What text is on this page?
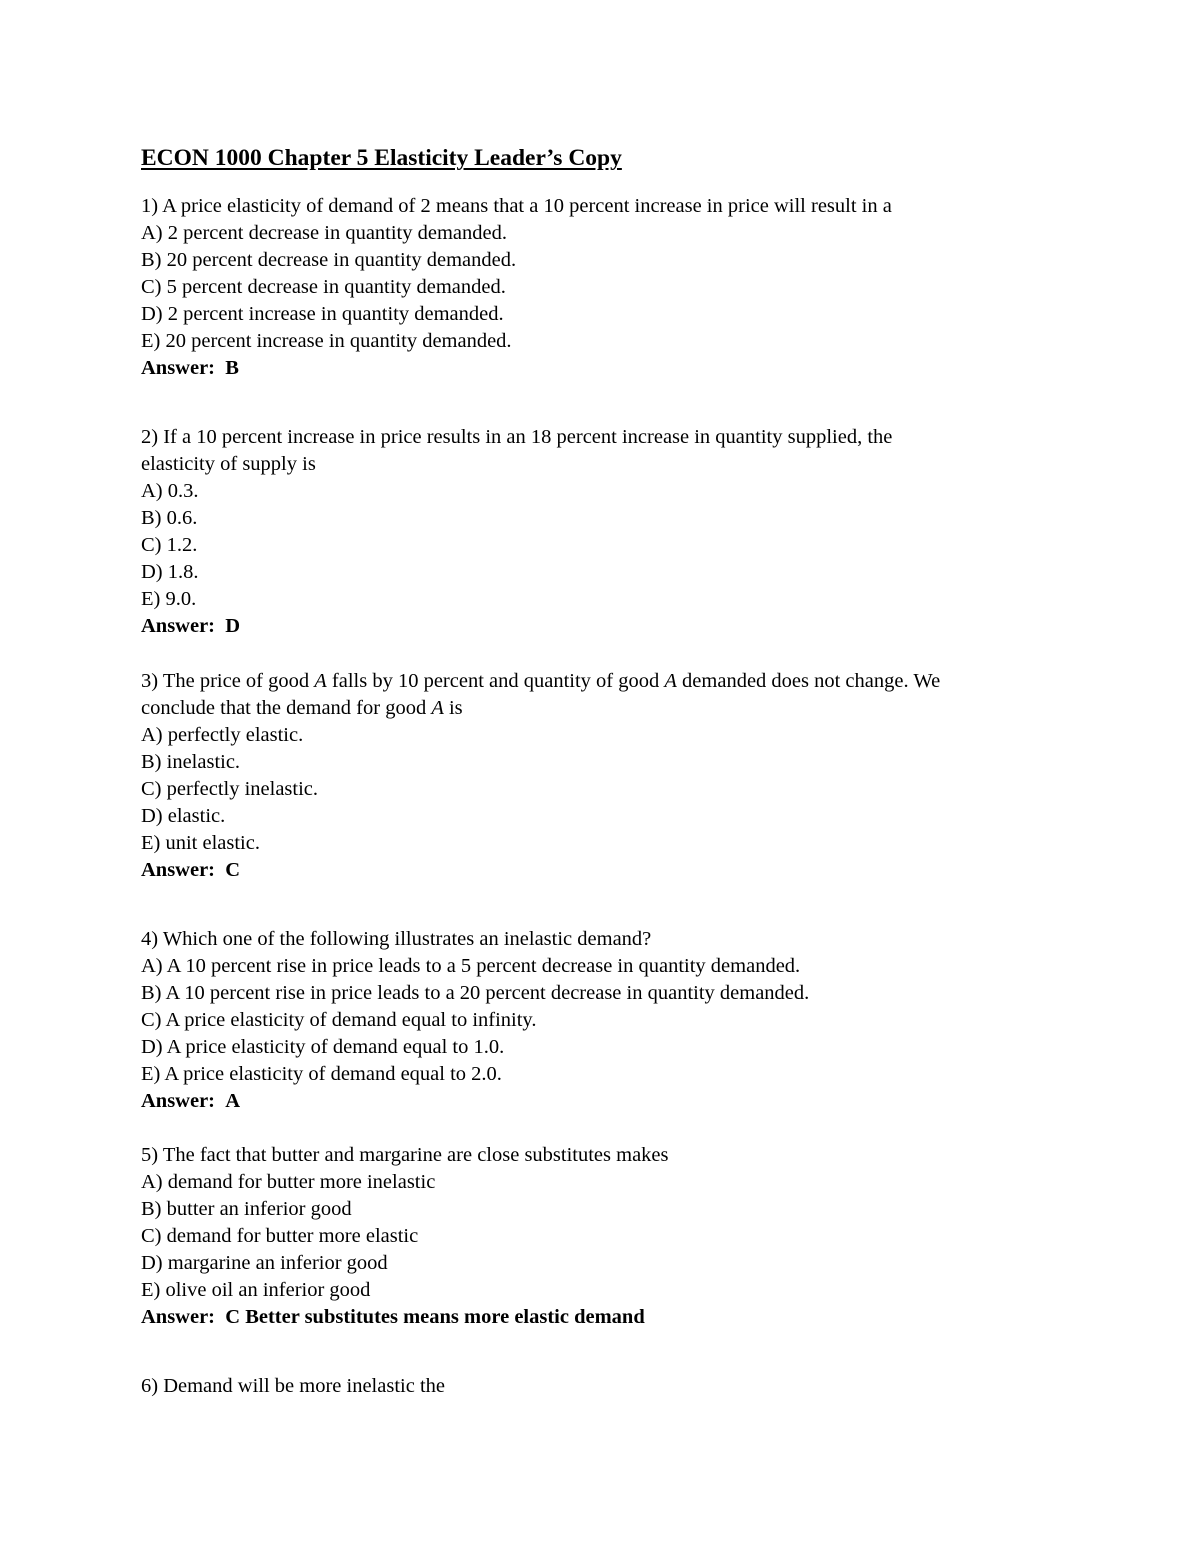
ECON 1000 Chapter 5 Elasticity Leader’s Copy
1) A price elasticity of demand of 2 means that a 10 percent increase in price will result in a
A) 2 percent decrease in quantity demanded.
B) 20 percent decrease in quantity demanded.
C) 5 percent decrease in quantity demanded.
D) 2 percent increase in quantity demanded.
E) 20 percent increase in quantity demanded.
Answer: B
2) If a 10 percent increase in price results in an 18 percent increase in quantity supplied, the
elasticity of supply is
A) 0.3.
B) 0.6.
C) 1.2.
D) 1.8.
E) 9.0.
Answer: D
3) The price of good A falls by 10 percent and quantity of good A demanded does not change. We
conclude that the demand for good A is
A) perfectly elastic.
B) inelastic.
C) perfectly inelastic.
D) elastic.
E) unit elastic.
Answer: C
4) Which one of the following illustrates an inelastic demand?
A) A 10 percent rise in price leads to a 5 percent decrease in quantity demanded.
B) A 10 percent rise in price leads to a 20 percent decrease in quantity demanded.
C) A price elasticity of demand equal to infinity.
D) A price elasticity of demand equal to 1.0.
E) A price elasticity of demand equal to 2.0.
Answer: A
5) The fact that butter and margarine are close substitutes makes
A) demand for butter more inelastic
B) butter an inferior good
C) demand for butter more elastic
D) margarine an inferior good
E) olive oil an inferior good
Answer: C Better substitutes means more elastic demand
6) Demand will be more inelastic the
